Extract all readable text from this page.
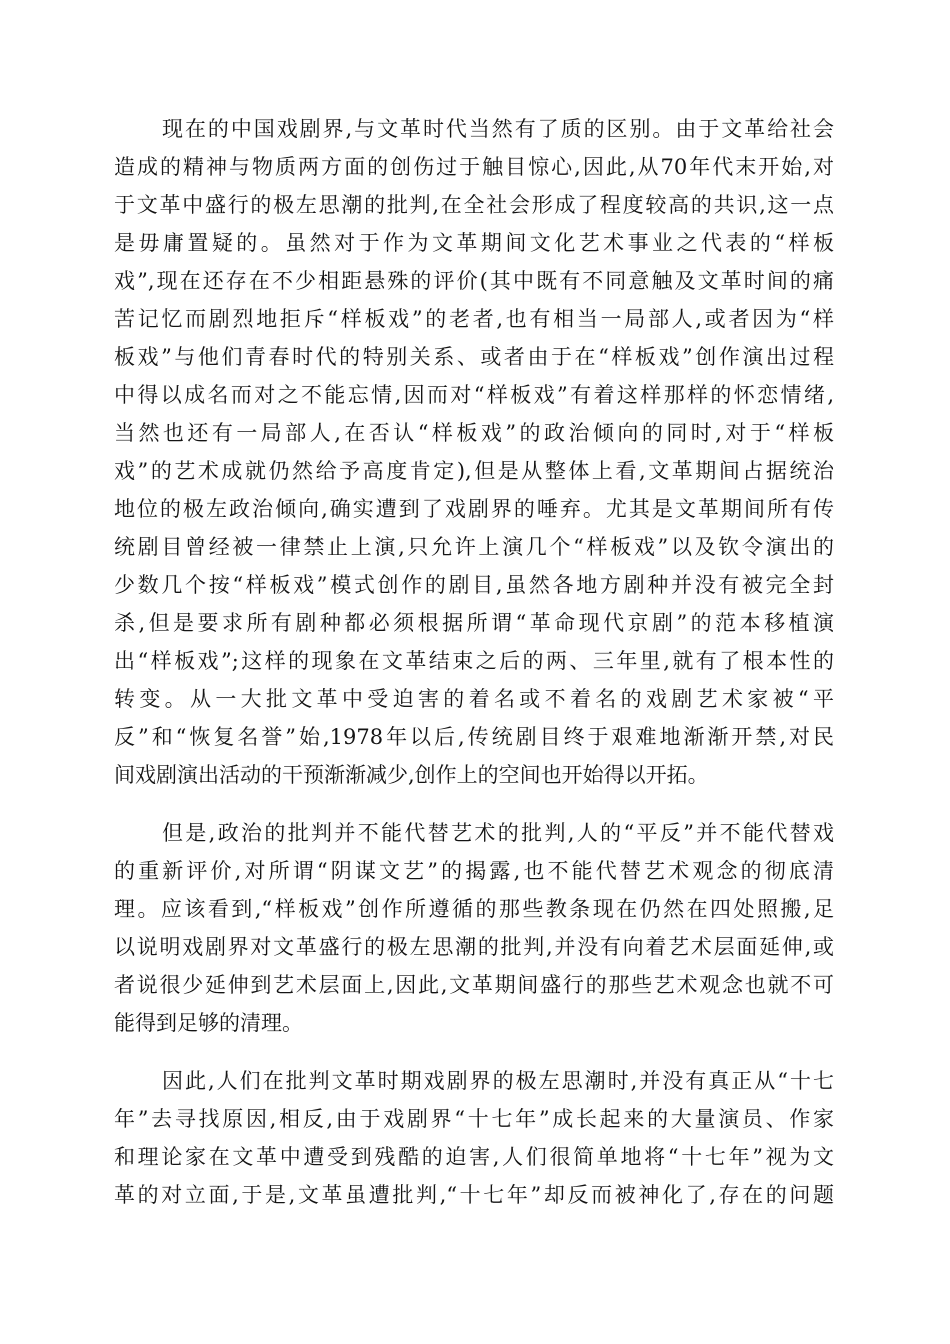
现在的中国戏剧界,与文革时代当然有了质的区别。由于文革给社会
造成的精神与物质两方面的创伤过于触目惊心,因此,从70年代末开始,对
于文革中盛行的极左思潮的批判,在全社会形成了程度较高的共识,这一点
是毋庸置疑的。虽然对于作为文革期间文化艺术事业之代表的“样板
戏”,现在还存在不少相距悬殊的评价(其中既有不同意触及文革时间的痛
苦记忆而剧烈地拒斥“样板戏”的老者,也有相当一局部人,或者因为“样
板戏”与他们青春时代的特别关系、或者由于在“样板戏”创作演出过程
中得以成名而对之不能忘情,因而对“样板戏”有着这样那样的怀恋情绪,
当然也还有一局部人,在否认“样板戏”的政治倾向的同时,对于“样板
戏”的艺术成就仍然给予高度肯定),但是从整体上看,文革期间占据统治
地位的极左政治倾向,确实遭到了戏剧界的唾弃。尤其是文革期间所有传
统剧目曾经被一律禁止上演,只允许上演几个“样板戏”以及钦令演出的
少数几个按“样板戏”模式创作的剧目,虽然各地方剧种并没有被完全封
杀,但是要求所有剧种都必须根据所谓“革命现代京剧”的范本移植演
出“样板戏”;这样的现象在文革结束之后的两、三年里,就有了根本性的
转变。从一大批文革中受迫害的着名或不着名的戏剧艺术家被“平
反”和“恢复名誉”始,1978年以后,传统剧目终于艰难地渐渐开禁,对民
间戏剧演出活动的干预渐渐减少,创作上的空间也开始得以开拓。
但是,政治的批判并不能代替艺术的批判,人的“平反”并不能代替戏
的重新评价,对所谓“阴谋文艺”的揭露,也不能代替艺术观念的彻底清
理。应该看到,“样板戏”创作所遵循的那些教条现在仍然在四处照搬,足
以说明戏剧界对文革盛行的极左思潮的批判,并没有向着艺术层面延伸,或
者说很少延伸到艺术层面上,因此,文革期间盛行的那些艺术观念也就不可
能得到足够的清理。
因此,人们在批判文革时期戏剧界的极左思潮时,并没有真正从“十七
年”去寻找原因,相反,由于戏剧界“十七年”成长起来的大量演员、作家
和理论家在文革中遭受到残酷的迫害,人们很简单地将“十七年”视为文
革的对立面,于是,文革虽遭批判,“十七年”却反而被神化了,存在的问题
